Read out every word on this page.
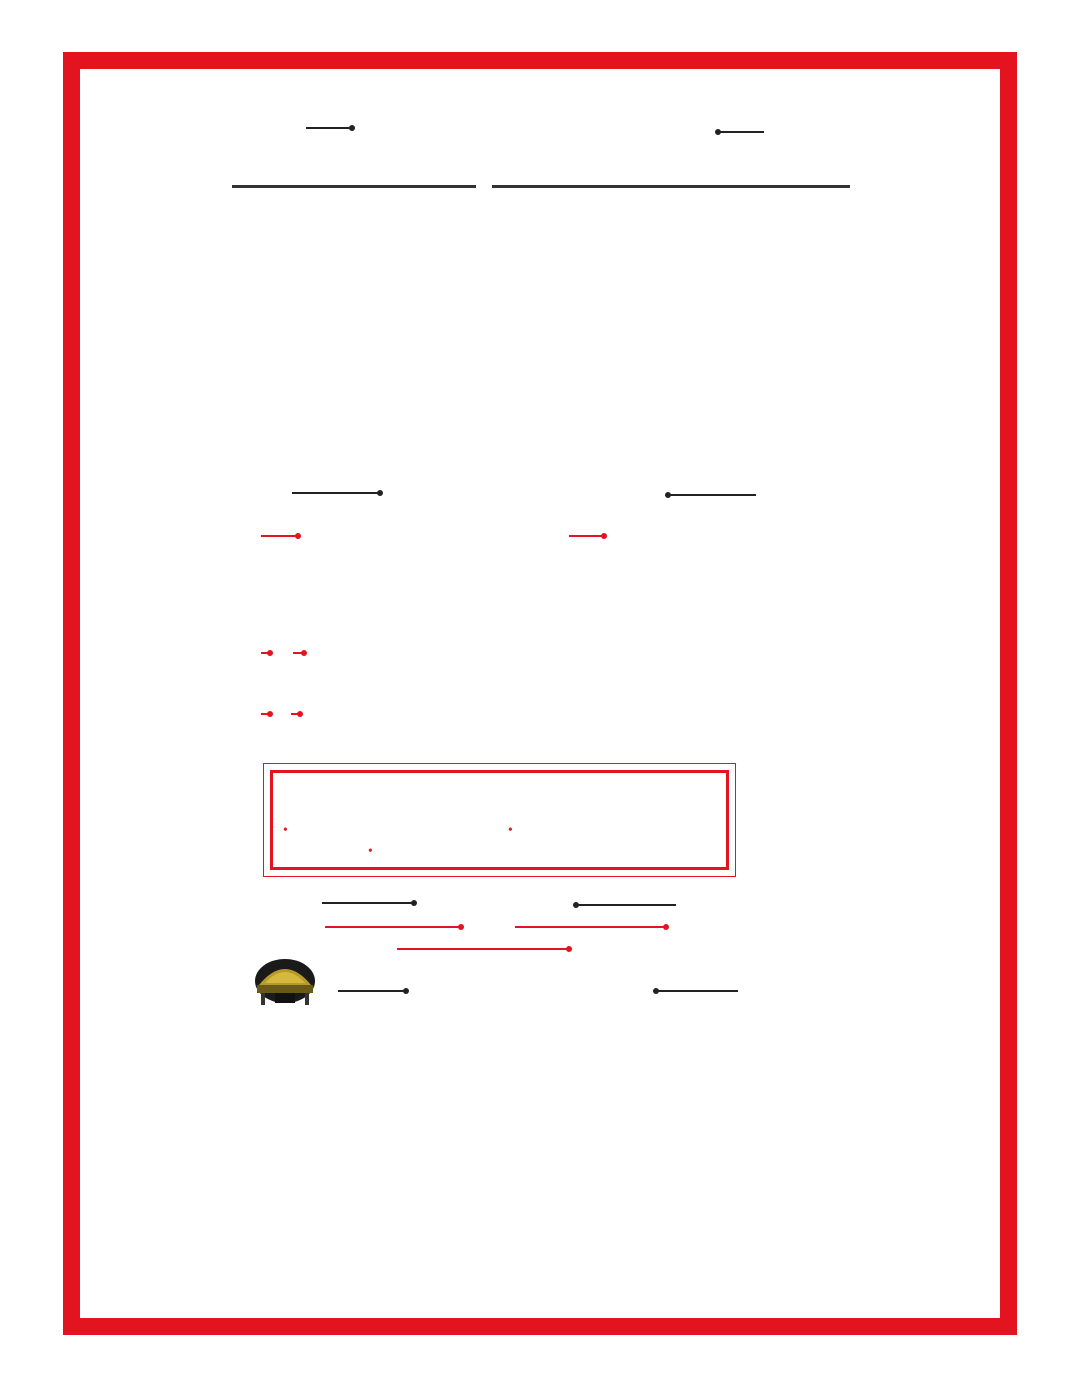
•	•
•
